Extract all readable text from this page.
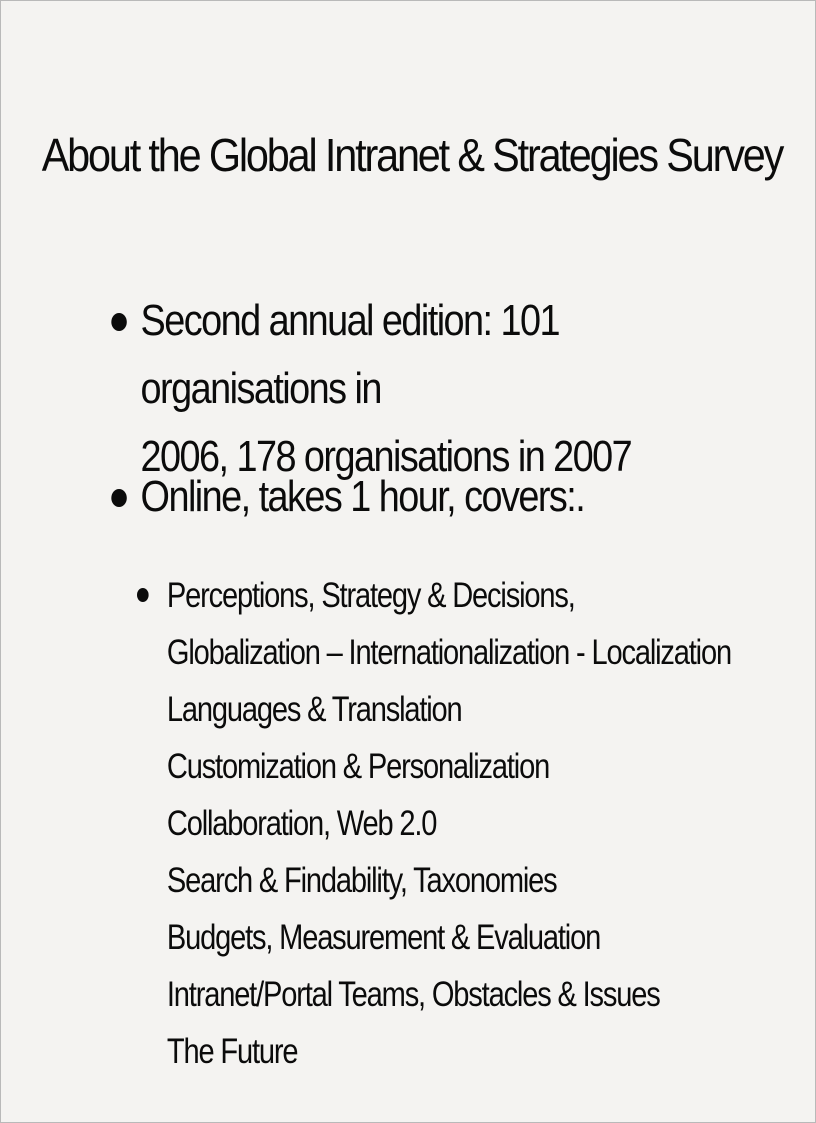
About the Global Intranet & Strategies Survey
Second annual edition: 101 organisations in
2006, 178 organisations in 2007
Online, takes 1 hour, covers:.
Perceptions, Strategy & Decisions,
Globalization – Internationalization - Localization
Languages & Translation
Customization & Personalization
Collaboration, Web 2.0
Search & Findability, Taxonomies
Budgets, Measurement & Evaluation
Intranet/Portal Teams, Obstacles & Issues
The Future
